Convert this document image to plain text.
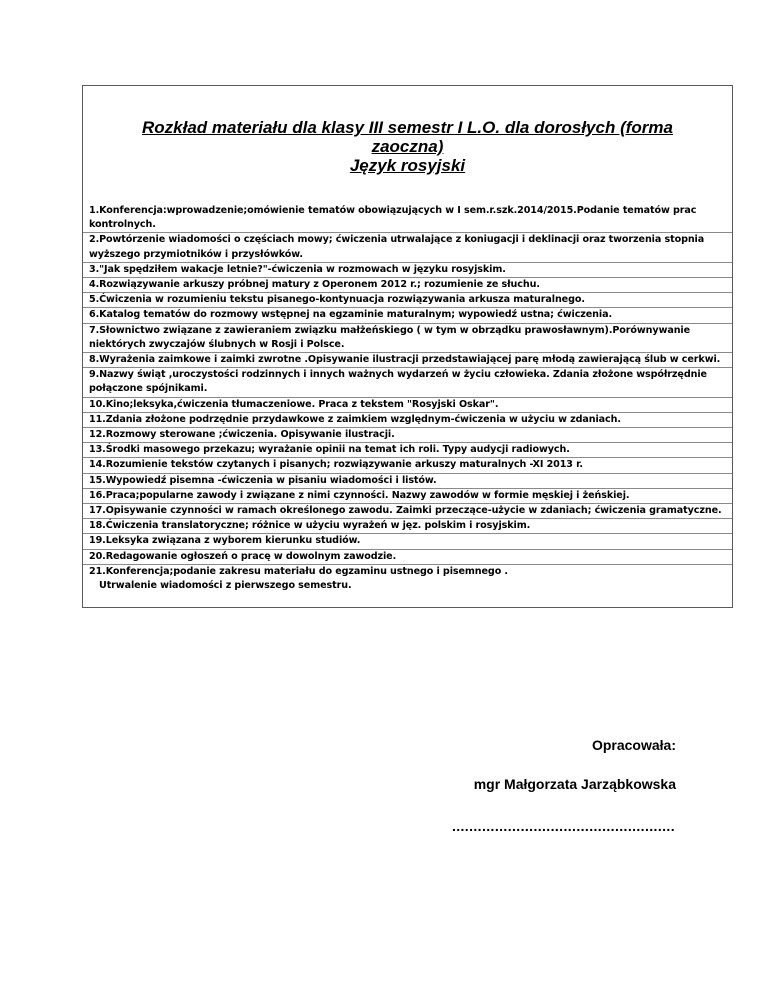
Rozkład materiału dla klasy III semestr I L.O. dla dorosłych (forma
zaoczna)
Język rosyjski
1.Konferencja:wprowadzenie;omówienie tematów obowiązujących w I sem.r.szk.2014/2015.Podanie tematów prac kontrolnych.
2.Powtórzenie wiadomości o częściach mowy; ćwiczenia utrwalające z koniugacji i deklinacji oraz tworzenia stopnia wyższego przymiotników i przysłówków.
3."Jak spędziłem wakacje letnie?"-ćwiczenia w rozmowach w języku rosyjskim.
4.Rozwiązywanie arkuszy próbnej matury z Operonem 2012 r.; rozumienie ze słuchu.
5.Ćwiczenia w rozumieniu tekstu pisanego-kontynuacja rozwiązywania arkusza maturalnego.
6.Katalog tematów do rozmowy wstępnej na egzaminie maturalnym; wypowiedź ustna; ćwiczenia.
7.Słownictwo związane z zawieraniem związku małżeńskiego ( w tym w obrządku prawosławnym).Porównywanie niektórych zwyczajów ślubnych w Rosji i Polsce.
8.Wyrażenia zaimkowe i zaimki zwrotne .Opisywanie ilustracji przedstawiającej parę młodą zawierającą ślub w cerkwi.
9.Nazwy świąt ,uroczystości rodzinnych i innych ważnych wydarzeń w życiu człowieka. Zdania złożone współrzędnie połączone spójnikami.
10.Kino;leksyka,ćwiczenia tłumaczeniowe. Praca z tekstem "Rosyjski Oskar".
11.Zdania złożone podrzędnie przydawkowe z zaimkiem względnym-ćwiczenia w użyciu w zdaniach.
12.Rozmowy sterowane ;ćwiczenia. Opisywanie ilustracji.
13.Środki masowego przekazu; wyrażanie opinii na temat ich roli. Typy audycji radiowych.
14.Rozumienie tekstów czytanych i pisanych; rozwiązywanie arkuszy maturalnych -XI 2013 r.
15.Wypowiedź pisemna -ćwiczenia w pisaniu wiadomości i listów.
16.Praca;popularne zawody i związane z nimi czynności. Nazwy zawodów w formie męskiej i żeńskiej.
17.Opisywanie czynności w ramach określonego zawodu. Zaimki przeczące-użycie w zdaniach; ćwiczenia gramatyczne.
18.Ćwiczenia translatoryczne; różnice w użyciu wyrażeń w jęz. polskim i rosyjskim.
19.Leksyka związana z wyborem kierunku studiów.
20.Redagowanie ogłoszeń o pracę w dowolnym zawodzie.
21.Konferencja;podanie zakresu materiału do egzaminu ustnego i pisemnego .
Utrwalenie wiadomości z pierwszego semestru.
Opracowała:
mgr Małgorzata Jarząbkowska
....................................................
